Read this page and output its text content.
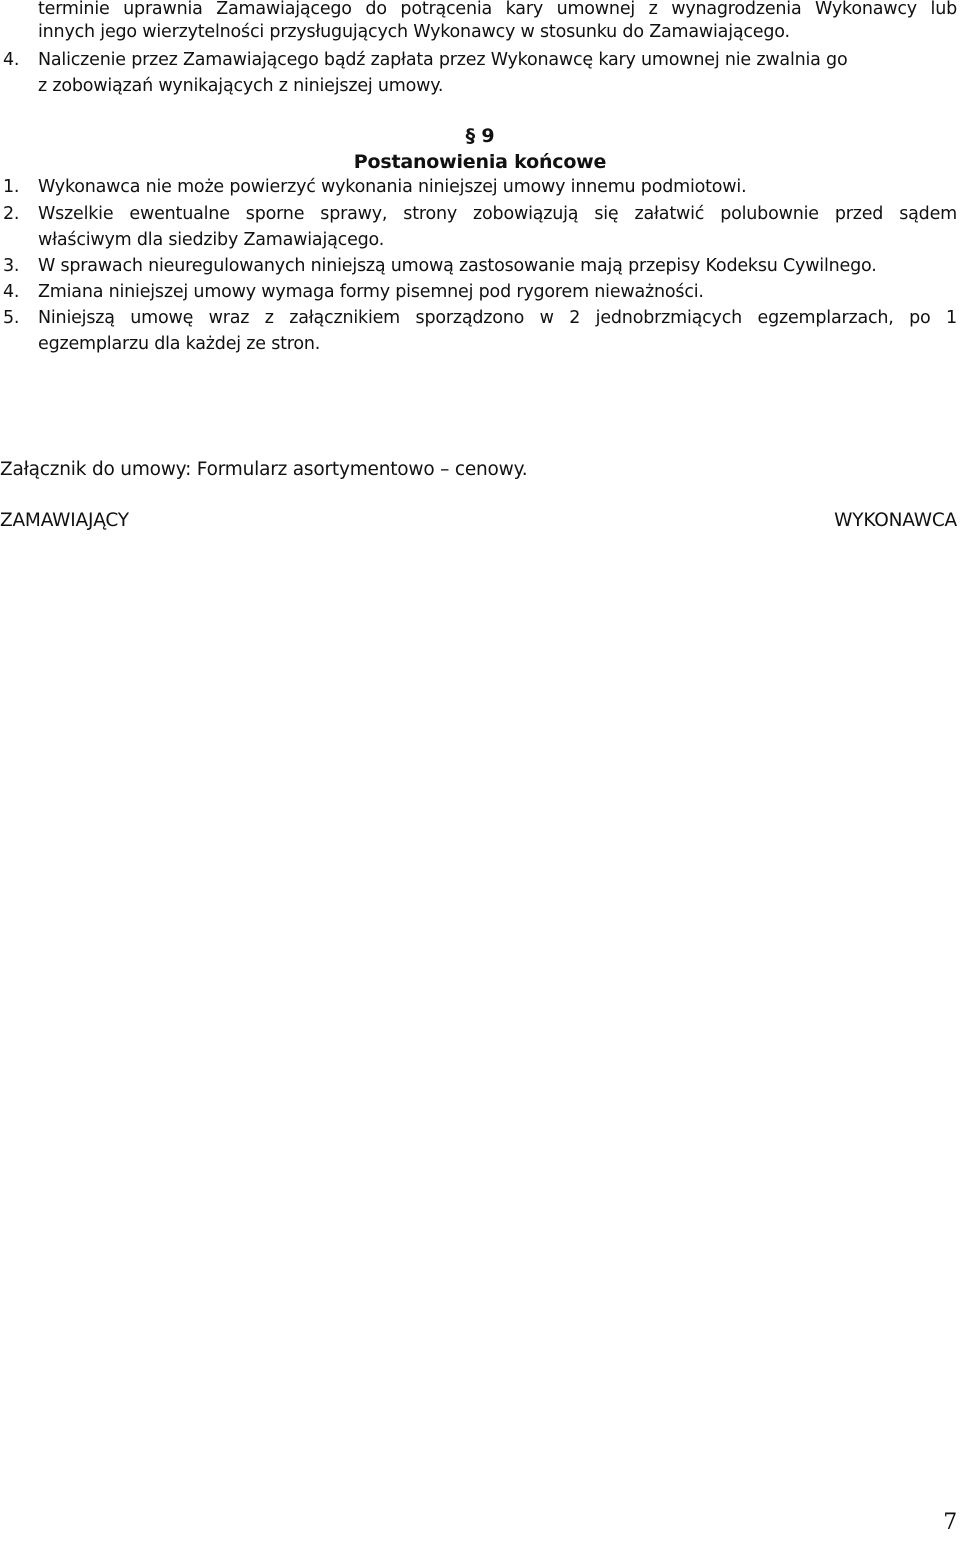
terminie uprawnia Zamawiającego do potrącenia kary umownej z wynagrodzenia Wykonawcy lub
innych jego wierzytelności przysługujących Wykonawcy w stosunku do Zamawiającego.
4. Naliczenie przez Zamawiającego bądź zapłata przez Wykonawcę kary umownej nie zwalnia go
z zobowiązań wynikających z niniejszej umowy.
§ 9
Postanowienia końcowe
1. Wykonawca nie może powierzyć wykonania niniejszej umowy innemu podmiotowi.
2. Wszelkie ewentualne sporne sprawy, strony zobowiązują się załatwić polubownie przed sądem
właściwym dla siedziby Zamawiającego.
3. W sprawach nieuregulowanych niniejszą umową zastosowanie mają przepisy Kodeksu Cywilnego.
4. Zmiana niniejszej umowy wymaga formy pisemnej pod rygorem nieważności.
5. Niniejszą umowę wraz z załącznikiem sporządzono w 2 jednobrzmiących egzemplarzach, po 1
egzemplarzu dla każdej ze stron.
Załącznik do umowy: Formularz asortymentowo – cenowy.
ZAMAWIAJĄCY	WYKONAWCA
7
